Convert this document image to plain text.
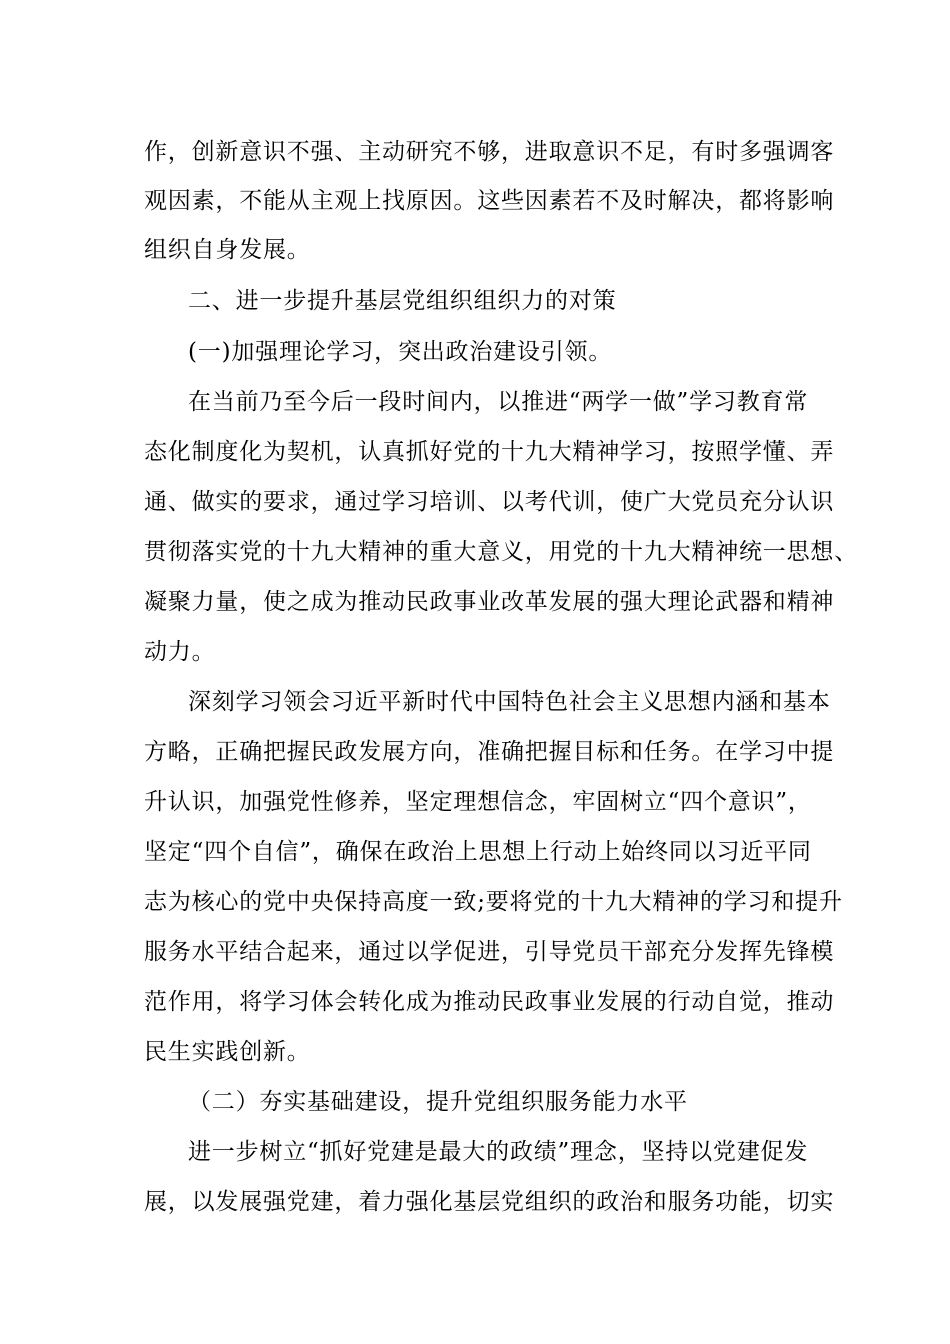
作，创新意识不强、主动研究不够，进取意识不足，有时多强调客
观因素，不能从主观上找原因。这些因素若不及时解决，都将影响
组织自身发展。
二、进一步提升基层党组织组织力的对策
(一)加强理论学习，突出政治建设引领。
在当前乃至今后一段时间内，以推进“两学一做”学习教育常
态化制度化为契机，认真抓好党的十九大精神学习，按照学懂、弄
通、做实的要求，通过学习培训、以考代训，使广大党员充分认识
贯彻落实党的十九大精神的重大意义，用党的十九大精神统一思想、
凝聚力量，使之成为推动民政事业改革发展的强大理论武器和精神
动力。
深刻学习领会习近平新时代中国特色社会主义思想内涵和基本
方略，正确把握民政发展方向，准确把握目标和任务。在学习中提
升认识，加强党性修养，坚定理想信念，牢固树立“四个意识”，
坚定“四个自信”，确保在政治上思想上行动上始终同以习近平同
志为核心的党中央保持高度一致;要将党的十九大精神的学习和提升
服务水平结合起来，通过以学促进，引导党员干部充分发挥先锋模
范作用，将学习体会转化成为推动民政事业发展的行动自觉，推动
民生实践创新。
（二）夯实基础建设，提升党组织服务能力水平
进一步树立“抓好党建是最大的政绩”理念，坚持以党建促发
展，以发展强党建，着力强化基层党组织的政治和服务功能，切实
